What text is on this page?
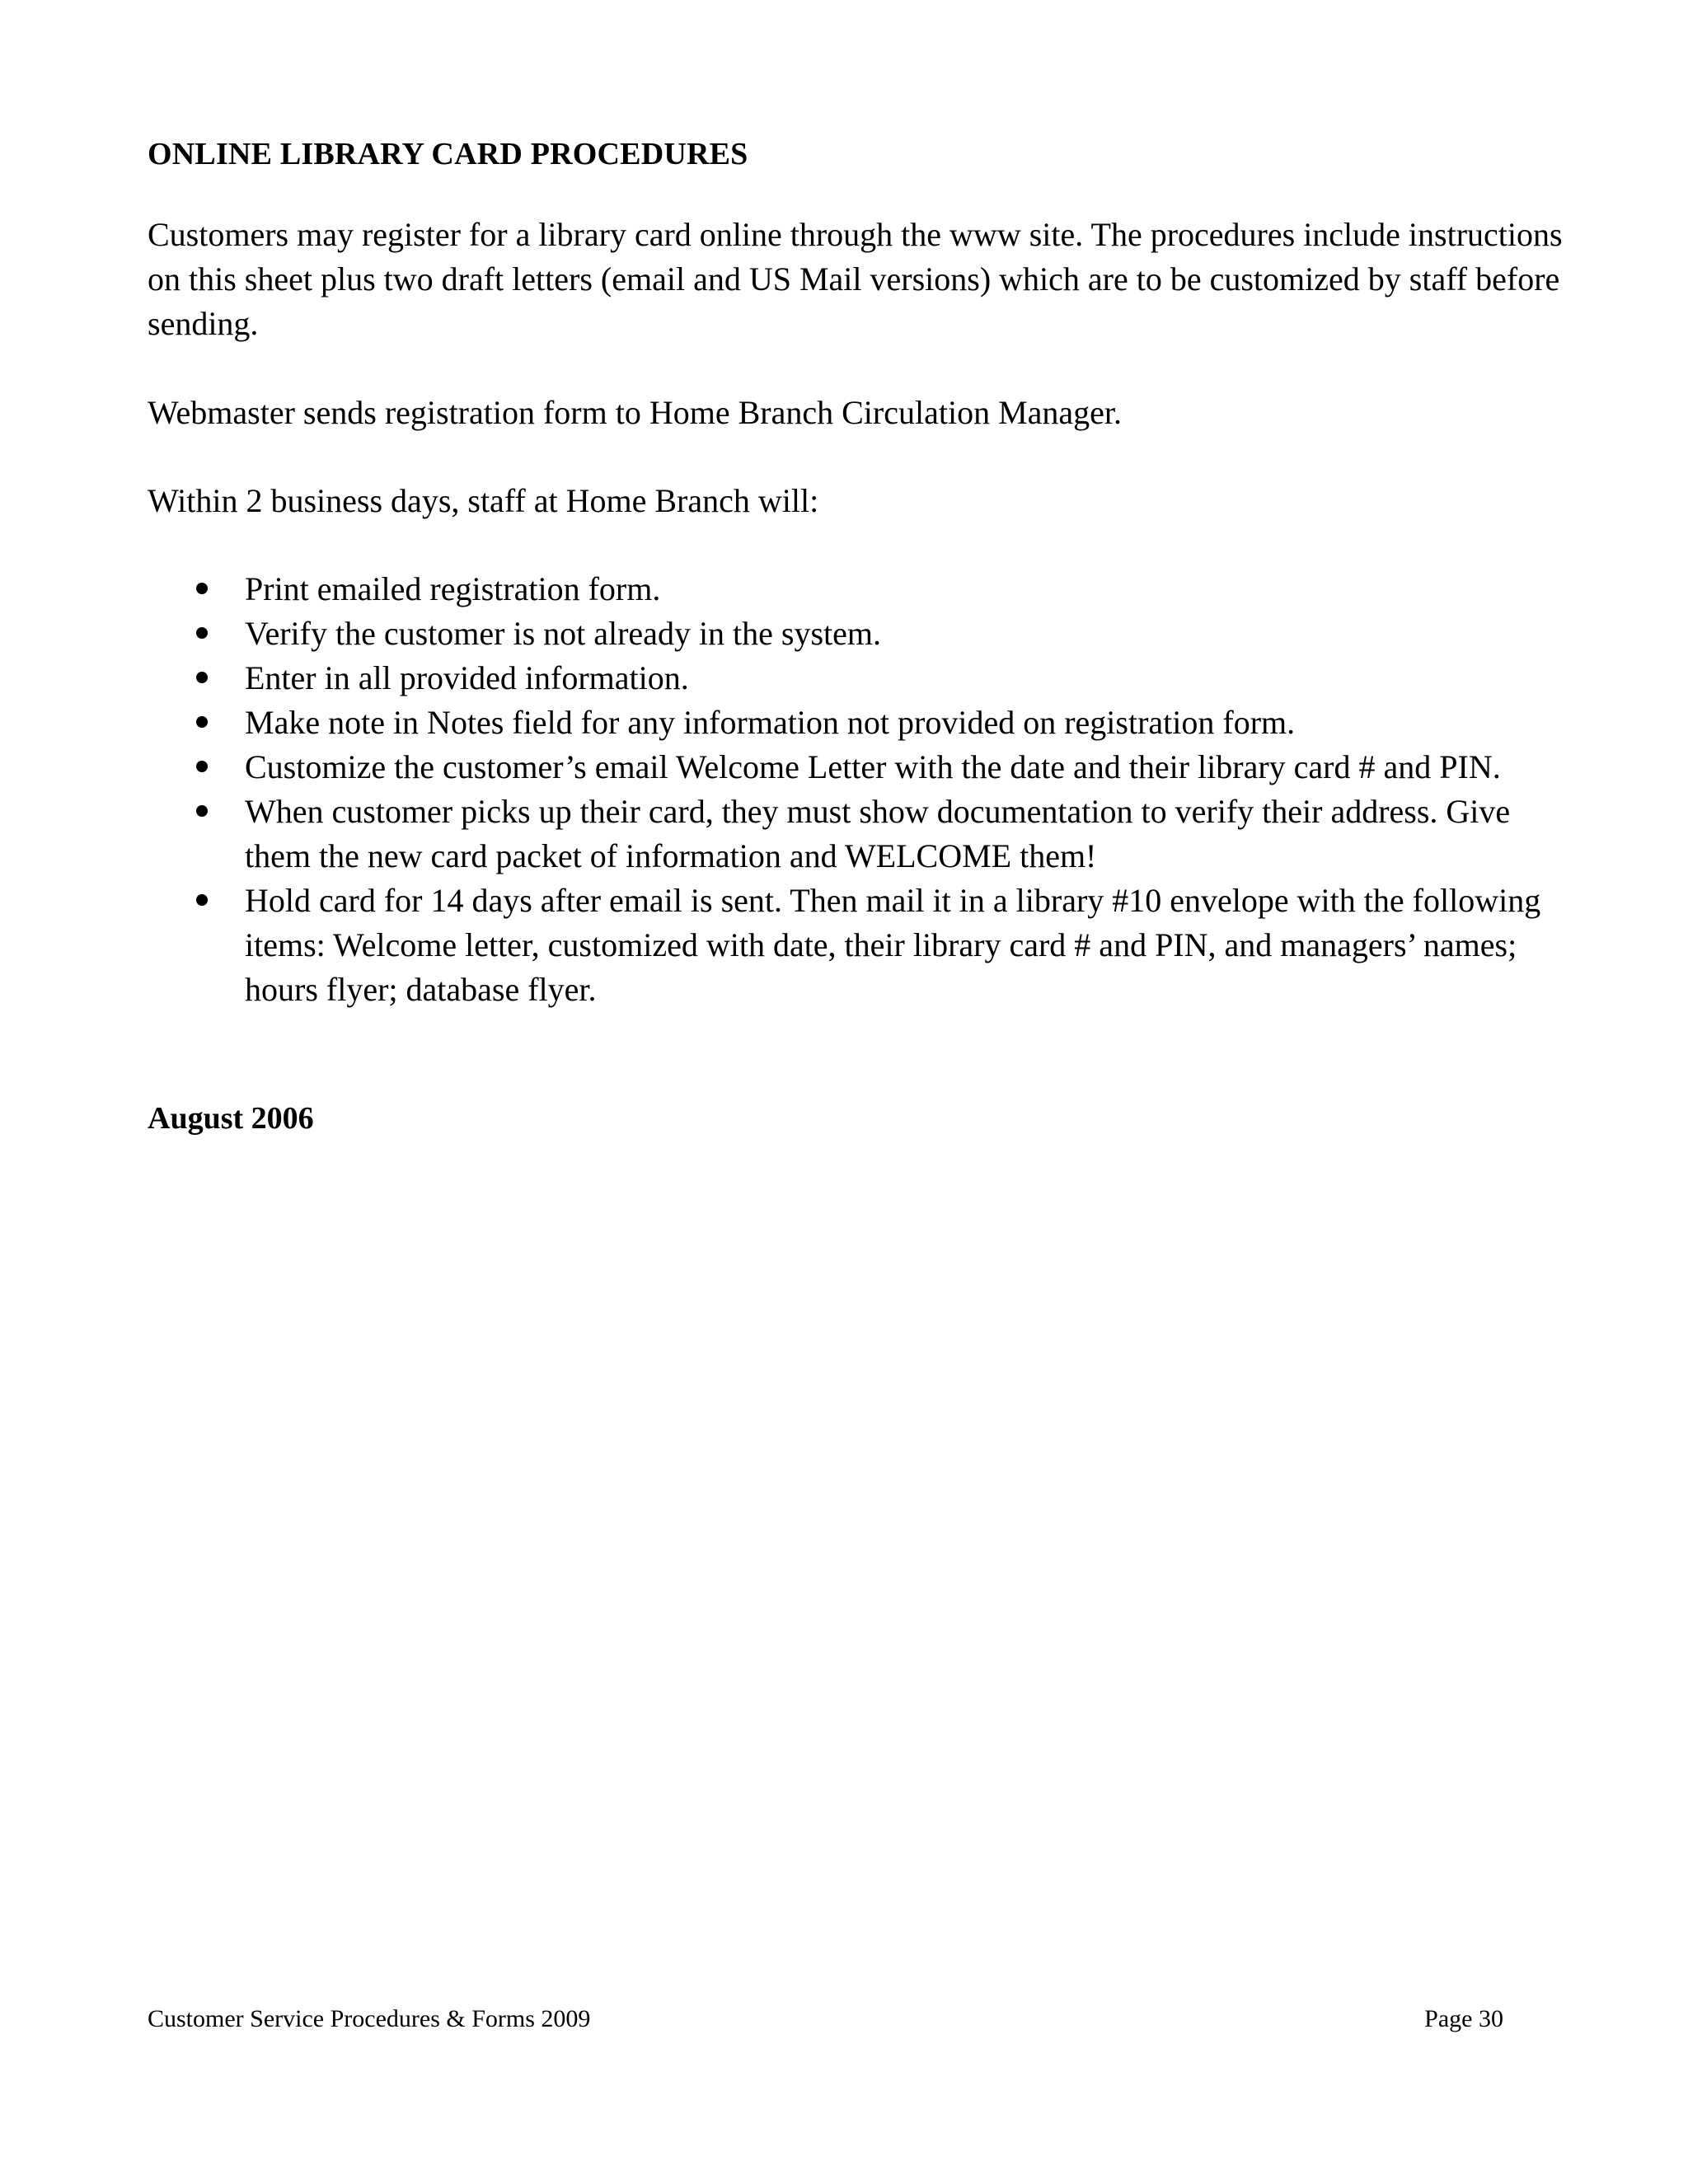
ONLINE LIBRARY CARD PROCEDURES

Customers may register for a library card online through the www site. The procedures include instructions on this sheet plus two draft letters (email and US Mail versions) which are to be customized by staff before sending.

Webmaster sends registration form to Home Branch Circulation Manager.

Within 2 business days, staff at Home Branch will:

Print emailed registration form.
Verify the customer is not already in the system.
Enter in all provided information.
Make note in Notes field for any information not provided on registration form.
Customize the customer’s email Welcome Letter with the date and their library card # and PIN.
When customer picks up their card, they must show documentation to verify their address. Give them the new card packet of information and WELCOME them!
Hold card for 14 days after email is sent. Then mail it in a library #10 envelope with the following items: Welcome letter, customized with date, their library card # and PIN, and managers’ names; hours flyer; database flyer.

August 2006

Customer Service Procedures & Forms 2009	Page 30
